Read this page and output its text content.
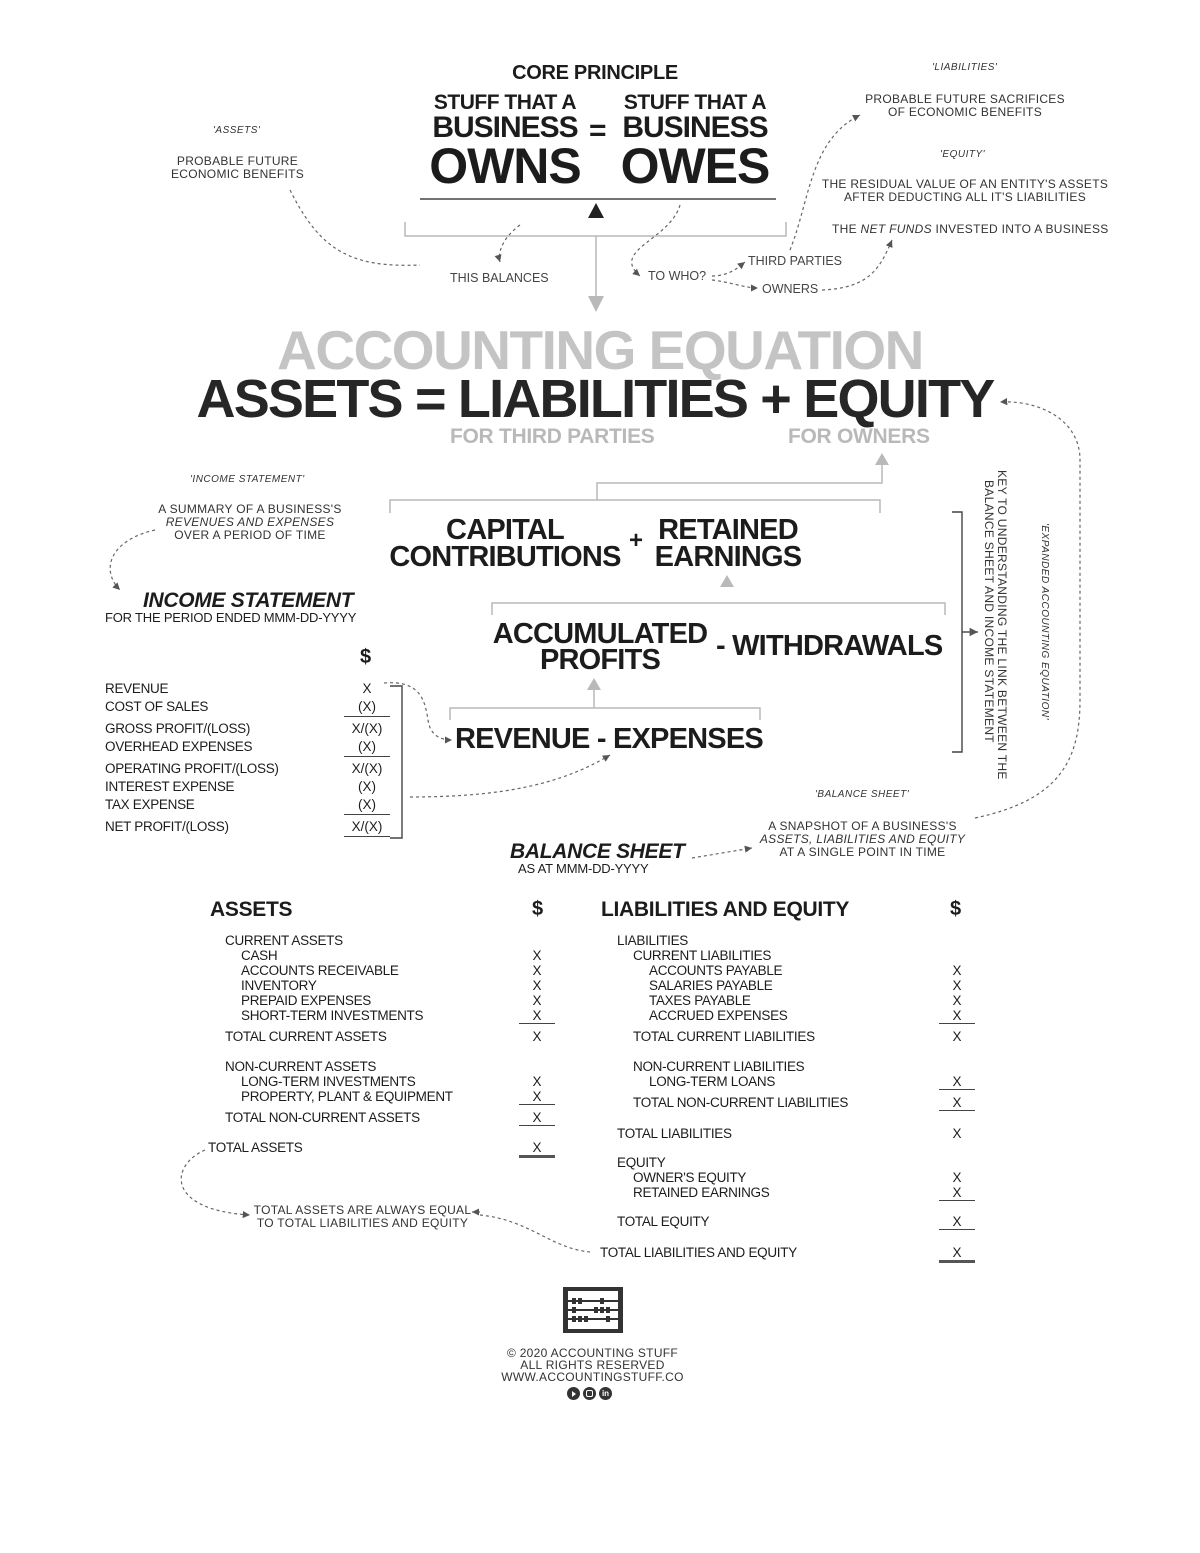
CORE PRINCIPLE
STUFF THAT A
BUSINESS
OWNS
=
STUFF THAT A
BUSINESS
OWES
THIS BALANCES	TO WHO?
THIRD PARTIES
OWNERS
'ASSETS'
PROBABLE FUTURE
ECONOMIC BENEFITS
'LIABILITIES'
PROBABLE FUTURE SACRIFICES
OF ECONOMIC BENEFITS
'EQUITY'
THE RESIDUAL VALUE OF AN ENTITY'S ASSETS
AFTER DEDUCTING ALL IT'S LIABILITIES
THE NET FUNDS INVESTED INTO A BUSINESS
'INCOME STATEMENT'
A SUMMARY OF A BUSINESS'S
REVENUES AND EXPENSES
OVER A PERIOD OF TIME
'BALANCE SHEET'
A SNAPSHOT OF A BUSINESS'S
ASSETS, LIABILITIES AND EQUITY
AT A SINGLE POINT IN TIME
ACCOUNTING EQUATION
ASSETS = LIABILITIES + EQUITY
FOR THIRD PARTIES	FOR OWNERS
CAPITAL
CONTRIBUTIONS
+ RETAINED
EARNINGS
ACCUMULATED
PROFITS	- WITHDRAWALS
REVENUE - EXPENSES	KEY TO UNDERSTANDING THE LINK BETWEEN THE
BALANCE SHEET AND INCOME STATEMENT	'EXPANDED ACCOUNTING EQUATION'
INCOME STATEMENT
FOR THE PERIOD ENDED MMM-DD-YYYY
$
REVENUE	X
COST OF SALES	(X)
GROSS PROFIT/(LOSS)	X/(X)
OVERHEAD EXPENSES	(X)
OPERATING PROFIT/(LOSS)	X/(X)
INTEREST EXPENSE	(X)
TAX EXPENSE	(X)
NET PROFIT/(LOSS)	X/(X)
BALANCE SHEET
AS AT MMM-DD-YYYY
ASSETS	$
CURRENT ASSETS
CASH	X
ACCOUNTS RECEIVABLE	X
INVENTORY	X
PREPAID EXPENSES	X
SHORT-TERM INVESTMENTS	X
TOTAL CURRENT ASSETS	X
NON-CURRENT ASSETS
LONG-TERM INVESTMENTS	X
PROPERTY, PLANT & EQUIPMENT	X
TOTAL NON-CURRENT ASSETS	X
TOTAL ASSETS	X
TOTAL ASSETS ARE ALWAYS EQUAL
TO TOTAL LIABILITIES AND EQUITY
LIABILITIES AND EQUITY	$
LIABILITIES
CURRENT LIABILITIES
ACCOUNTS PAYABLE	X
SALARIES PAYABLE	X
TAXES PAYABLE	X
ACCRUED EXPENSES	X
TOTAL CURRENT LIABILITIES	X
NON-CURRENT LIABILITIES
LONG-TERM LOANS	X
TOTAL NON-CURRENT LIABILITIES	X
TOTAL LIABILITIES	X
EQUITY
OWNER'S EQUITY	X
RETAINED EARNINGS	X
TOTAL EQUITY	X
TOTAL LIABILITIES AND EQUITY	X
© 2020 ACCOUNTING STUFF
ALL RIGHTS RESERVED
WWW.ACCOUNTINGSTUFF.CO
in
